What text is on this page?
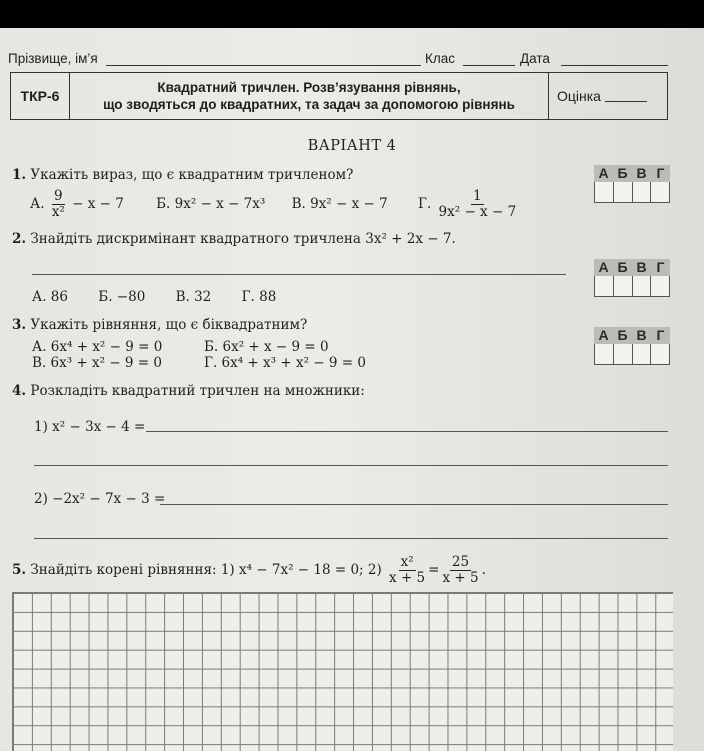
Прізвище, ім’я	Клас	Дата
ТКР-6
Квадратний тричлен. Розв’язування рівнянь,
що зводяться до квадратних, та задач за допомогою рівнянь
Оцінка
ВАРІАНТ 4
1. Укажіть вираз, що є квадратним тричленом?
А. $\frac{9}{\text{x²}} - x - 7$ Б. 9x² − x − 7x³ В. 9x² − x − 7 Г. $\frac{1}{\text{9x² − x − 7}}$
А Б В Г
2. Знайдіть дискримінант квадратного тричлена 3x² + 2x − 7.
А Б В Г
А. 86 Б. −80 В. 32 Г. 88
3. Укажіть рівняння, що є біквадратним?
А. 6x⁴ + x² − 9 = 0	Б. 6x² + x − 9 = 0
В. 6x³ + x² − 9 = 0	Г. 6x⁴ + x³ + x² − 9 = 0
А Б В Г
4. Розкладіть квадратний тричлен на множники:
1) x² − 3x − 4 =
2) −2x² − 7x − 3 =
5. Знайдіть корені рівняння: 1) x⁴ − 7x² − 18 = 0; $2) \frac{\text{x²}}{x + 5} = \frac{25}{x + 5}$ .
